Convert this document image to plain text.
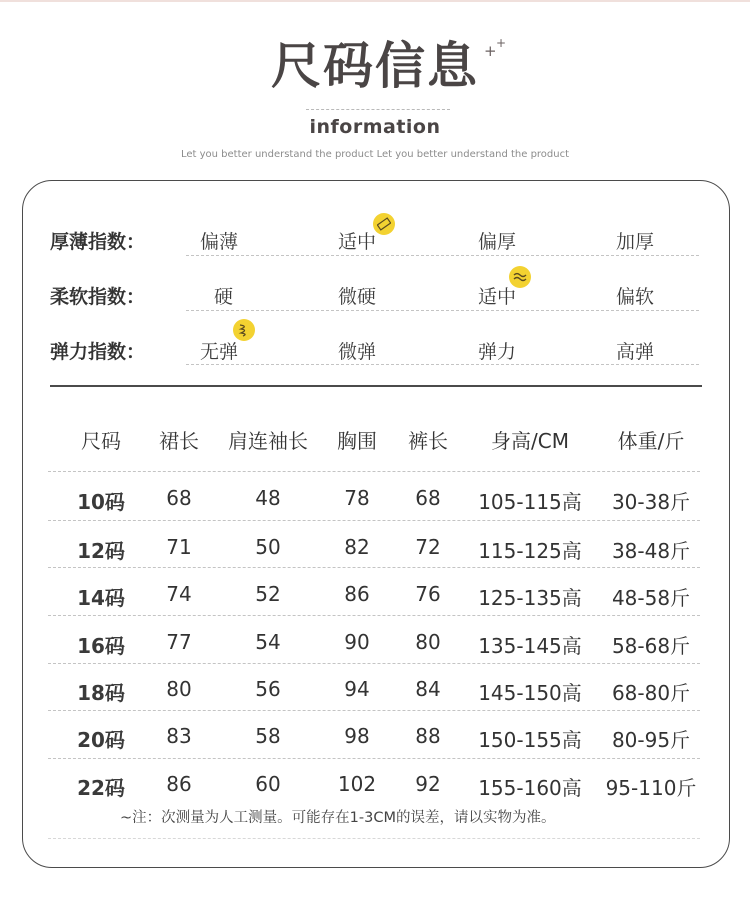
尺码信息 + +
information
Let you better understand the product Let you better understand the product
厚薄指数：	偏薄	适中	偏厚	加厚
柔软指数：	硬	微硬	适中	偏软
弹力指数：	无弹	微弹	弹力	高弹
尺码 裙长 肩连袖长 胸围 裤长 身高/CM 体重/斤
10码 68	48	78 68 105-115高 30-38斤
12码 71	50	82 72 115-125高 38-48斤
14码 74	52	86 76 125-135高 48-58斤
16码 77	54	90 80 135-145高 58-68斤
18码 80	56	94 84 145-150高 68-80斤
20码 83	58	98 88 150-155高 80-95斤
22码 86	60	102 92 155-160高 95-110斤
~注：次测量为人工测量。可能存在1-3CM的误差，请以实物为准。
